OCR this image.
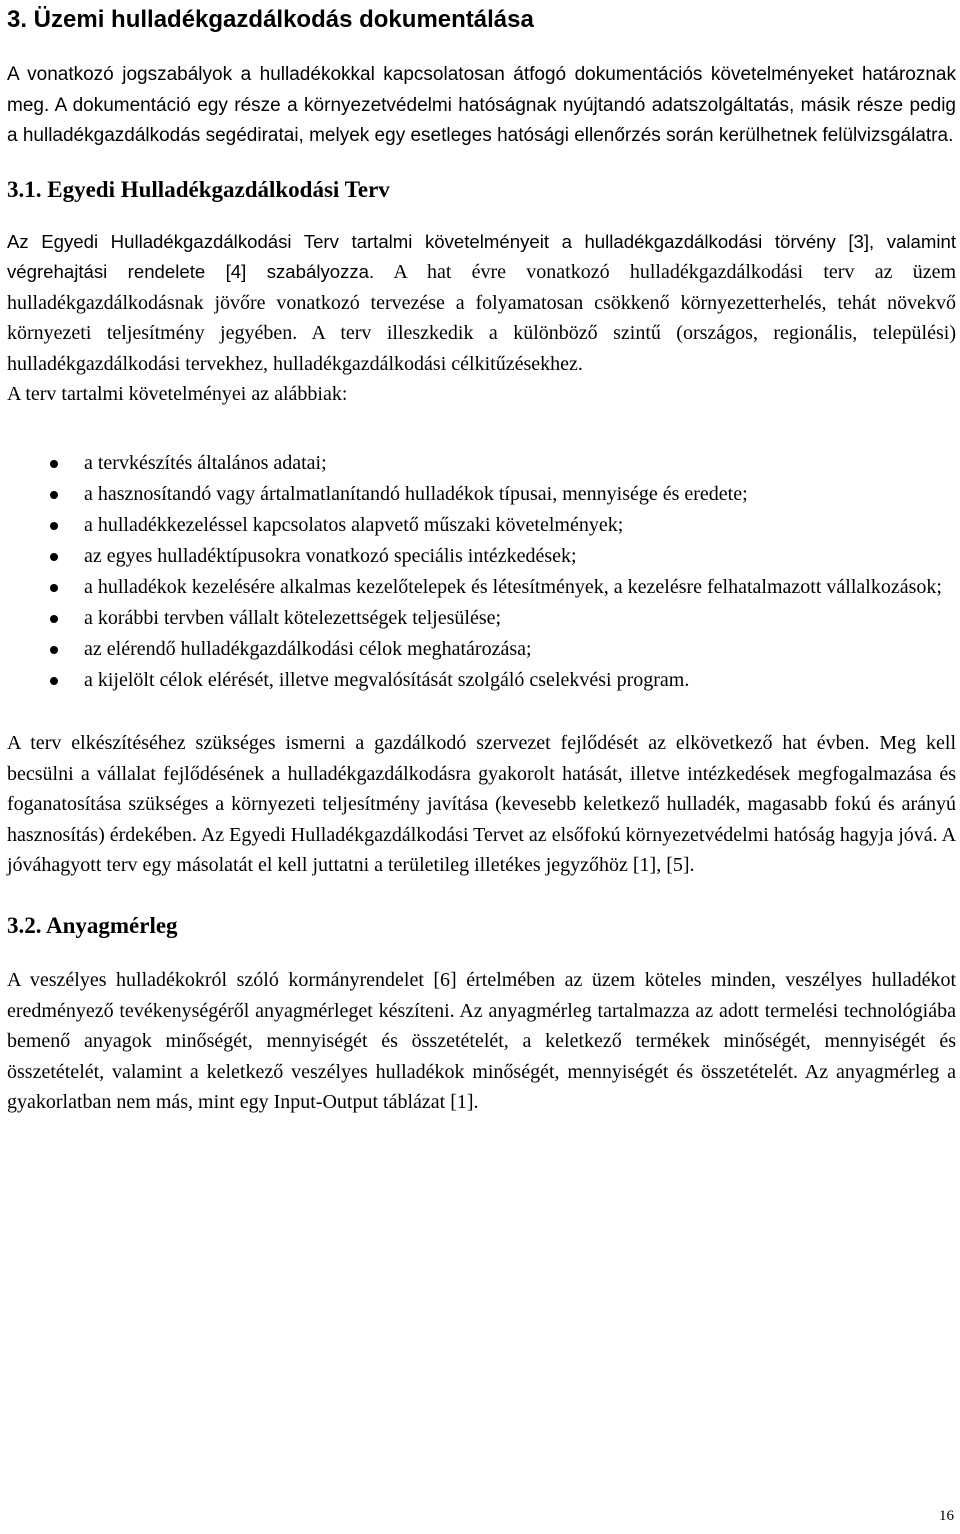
3. Üzemi hulladékgazdálkodás dokumentálása

A vonatkozó jogszabályok a hulladékokkal kapcsolatosan átfogó dokumentációs követelményeket határoznak meg. A dokumentáció egy része a környezetvédelmi hatóságnak nyújtandó adatszolgáltatás, másik része pedig a hulladékgazdálkodás segédiratai, melyek egy esetleges hatósági ellenőrzés során kerülhetnek felülvizsgálatra.

3.1. Egyedi Hulladékgazdálkodási Terv

Az Egyedi Hulladékgazdálkodási Terv tartalmi követelményeit a hulladékgazdálkodási törvény [3], valamint végrehajtási rendelete [4] szabályozza. A hat évre vonatkozó hulladékgazdálkodási terv az üzem hulladékgazdálkodásnak jövőre vonatkozó tervezése a folyamatosan csökkenő környezetterhelés, tehát növekvő környezeti teljesítmény jegyében. A terv illeszkedik a különböző szintű (országos, regionális, települési) hulladékgazdálkodási tervekhez, hulladékgazdálkodási célkitűzésekhez.

A terv tartalmi követelményei az alábbiak:

a tervkészítés általános adatai;
a hasznosítandó vagy ártalmatlanítandó hulladékok típusai, mennyisége és eredete;
a hulladékkezeléssel kapcsolatos alapvető műszaki követelmények;
az egyes hulladéktípusokra vonatkozó speciális intézkedések;
a hulladékok kezelésére alkalmas kezelőtelepek és létesítmények, a kezelésre felhatalmazott vállalkozások;
a korábbi tervben vállalt kötelezettségek teljesülése;
az elérendő hulladékgazdálkodási célok meghatározása;
a kijelölt célok elérését, illetve megvalósítását szolgáló cselekvési program.

A terv elkészítéséhez szükséges ismerni a gazdálkodó szervezet fejlődését az elkövetkező hat évben. Meg kell becsülni a vállalat fejlődésének a hulladékgazdálkodásra gyakorolt hatását, illetve intézkedések megfogalmazása és foganatosítása szükséges a környezeti teljesítmény javítása (kevesebb keletkező hulladék, magasabb fokú és arányú hasznosítás) érdekében. Az Egyedi Hulladékgazdálkodási Tervet az elsőfokú környezetvédelmi hatóság hagyja jóvá. A jóváhagyott terv egy másolatát el kell juttatni a területileg illetékes jegyzőhöz [1], [5].

3.2. Anyagmérleg

A veszélyes hulladékokról szóló kormányrendelet [6] értelmében az üzem köteles minden, veszélyes hulladékot eredményező tevékenységéről anyagmérleget készíteni. Az anyagmérleg tartalmazza az adott termelési technológiába bemenő anyagok minőségét, mennyiségét és összetételét, a keletkező termékek minőségét, mennyiségét és összetételét, valamint a keletkező veszélyes hulladékok minőségét, mennyiségét és összetételét. Az anyagmérleg a gyakorlatban nem más, mint egy Input-Output táblázat [1].

16
